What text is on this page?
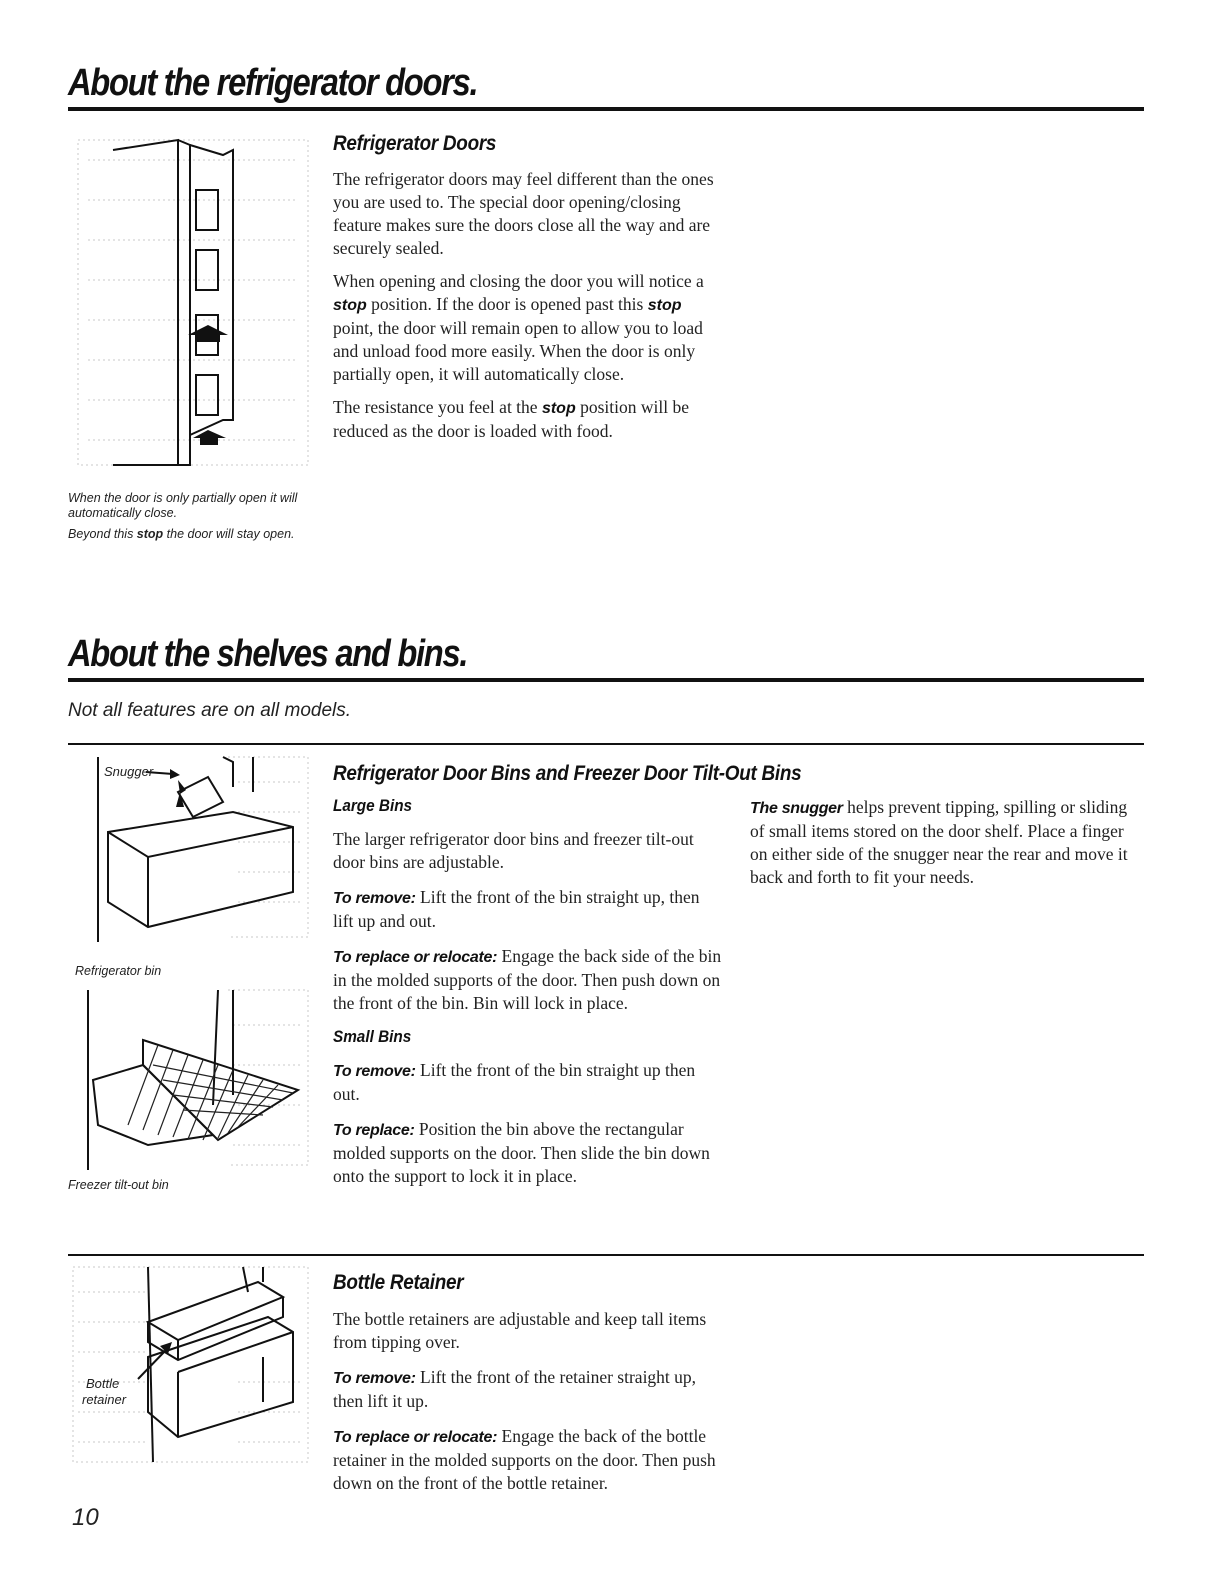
About the refrigerator doors.
Refrigerator Doors

The refrigerator doors may feel different than the ones you are used to. The special door opening/closing feature makes sure the doors close all the way and are securely sealed.

When opening and closing the door you will notice a stop position. If the door is opened past this stop point, the door will remain open to allow you to load and unload food more easily. When the door is only partially open, it will automatically close.

The resistance you feel at the stop position will be reduced as the door is loaded with food.

When the door is only partially open it will automatically close.

Beyond this stop the door will stay open.

About the shelves and bins.
Not all features are on all models.
Snugger
Refrigerator bin
Freezer tilt-out bin
Refrigerator Door Bins and Freezer Door Tilt-Out Bins
Large Bins

The larger refrigerator door bins and freezer tilt-out door bins are adjustable.

To remove: Lift the front of the bin straight up, then lift up and out.

To replace or relocate: Engage the back side of the bin in the molded supports of the door. Then push down on the front of the bin. Bin will lock in place.

Small Bins

To remove: Lift the front of the bin straight up then out.

To replace: Position the bin above the rectangular molded supports on the door. Then slide the bin down onto the support to lock it in place.

The snugger helps prevent tipping, spilling or sliding of small items stored on the door shelf. Place a finger on either side of the snugger near the rear and move it back and forth to fit your needs.

Bottle
retainer
Bottle Retainer

The bottle retainers are adjustable and keep tall items from tipping over.

To remove: Lift the front of the retainer straight up, then lift it up.

To replace or relocate: Engage the back of the bottle retainer in the molded supports on the door. Then push down on the front of the bottle retainer.

10
